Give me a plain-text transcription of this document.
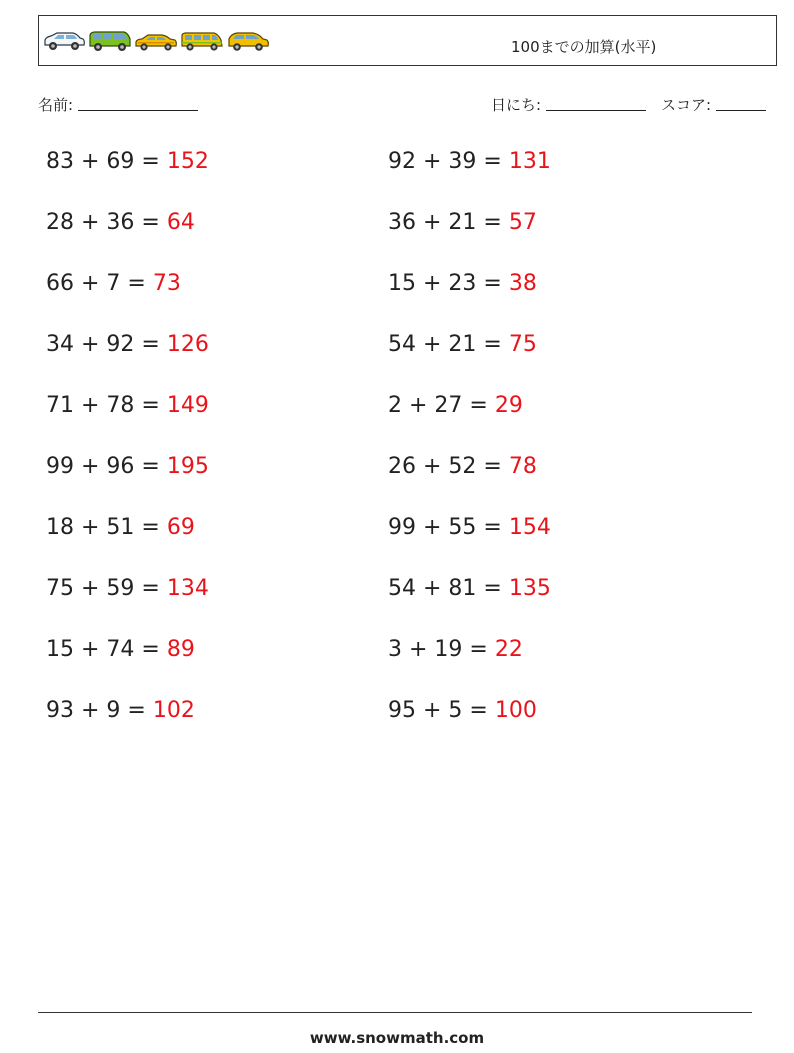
100までの加算(水平)
名前:	日にち:	スコア:
83 + 69 = 152
28 + 36 = 64
66 + 7 = 73
34 + 92 = 126
71 + 78 = 149
99 + 96 = 195
18 + 51 = 69
75 + 59 = 134
15 + 74 = 89
93 + 9 = 102
92 + 39 = 131
36 + 21 = 57
15 + 23 = 38
54 + 21 = 75
2 + 27 = 29
26 + 52 = 78
99 + 55 = 154
54 + 81 = 135
3 + 19 = 22
95 + 5 = 100
www.snowmath.com
